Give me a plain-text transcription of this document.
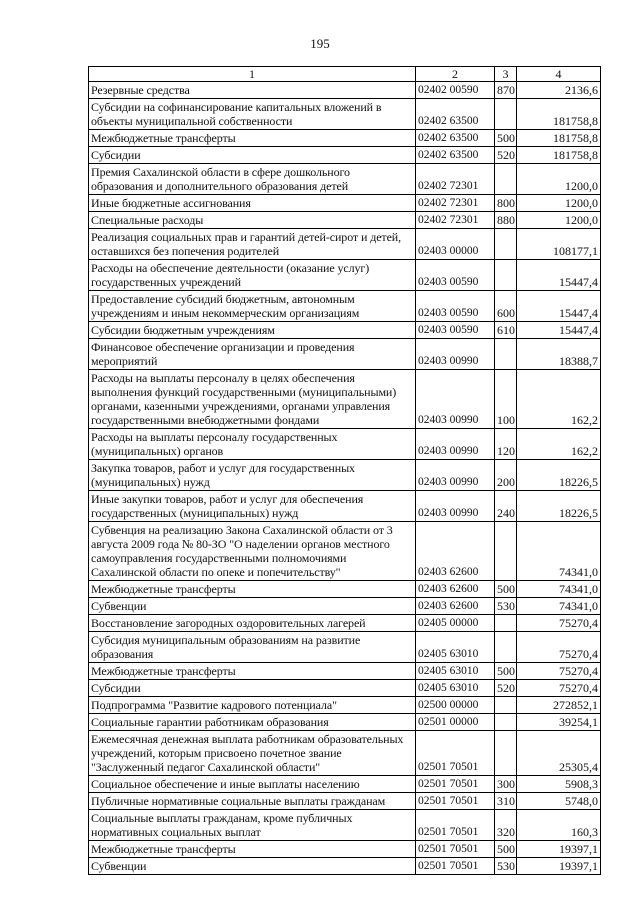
195
1	2	3	4
Резервные средства	02402 00590	870	2136,6
Субсидии на софинансирование капитальных вложений в объекты муниципальной собственности	02402 63500		181758,8
Межбюджетные трансферты	02402 63500	500	181758,8
Субсидии	02402 63500	520	181758,8
Премия Сахалинской области в сфере дошкольного образования и дополнительного образования детей	02402 72301		1200,0
Иные бюджетные ассигнования	02402 72301	800	1200,0
Специальные расходы	02402 72301	880	1200,0
Реализация социальных прав и гарантий детей-сирот и детей, оставшихся без попечения родителей	02403 00000		108177,1
Расходы на обеспечение деятельности (оказание услуг) государственных учреждений	02403 00590		15447,4
Предоставление субсидий бюджетным, автономным учреждениям и иным некоммерческим организациям	02403 00590	600	15447,4
Субсидии бюджетным учреждениям	02403 00590	610	15447,4
Финансовое обеспечение организации и проведения мероприятий	02403 00990		18388,7
Расходы на выплаты персоналу в целях обеспечения выполнения функций государственными (муниципальными) органами, казенными учреждениями, органами управления государственными внебюджетными фондами	02403 00990	100	162,2
Расходы на выплаты персоналу государственных (муниципальных) органов	02403 00990	120	162,2
Закупка товаров, работ и услуг для государственных (муниципальных) нужд	02403 00990	200	18226,5
Иные закупки товаров, работ и услуг для обеспечения государственных (муниципальных) нужд	02403 00990	240	18226,5
Субвенция на реализацию Закона Сахалинской области от 3 августа 2009 года № 80-ЗО "О наделении органов местного самоуправления государственными полномочиями Сахалинской области по опеке и попечительству"	02403 62600		74341,0
Межбюджетные трансферты	02403 62600	500	74341,0
Субвенции	02403 62600	530	74341,0
Восстановление загородных оздоровительных лагерей	02405 00000		75270,4
Субсидия муниципальным образованиям на развитие образования	02405 63010		75270,4
Межбюджетные трансферты	02405 63010	500	75270,4
Субсидии	02405 63010	520	75270,4
Подпрограмма "Развитие кадрового потенциала"	02500 00000		272852,1
Социальные гарантии работникам образования	02501 00000		39254,1
Ежемесячная денежная выплата работникам образовательных учреждений, которым присвоено почетное звание "Заслуженный педагог Сахалинской области"	02501 70501		25305,4
Социальное обеспечение и иные выплаты населению	02501 70501	300	5908,3
Публичные нормативные социальные выплаты гражданам	02501 70501	310	5748,0
Социальные выплаты гражданам, кроме публичных нормативных социальных выплат	02501 70501	320	160,3
Межбюджетные трансферты	02501 70501	500	19397,1
Субвенции	02501 70501	530	19397,1
